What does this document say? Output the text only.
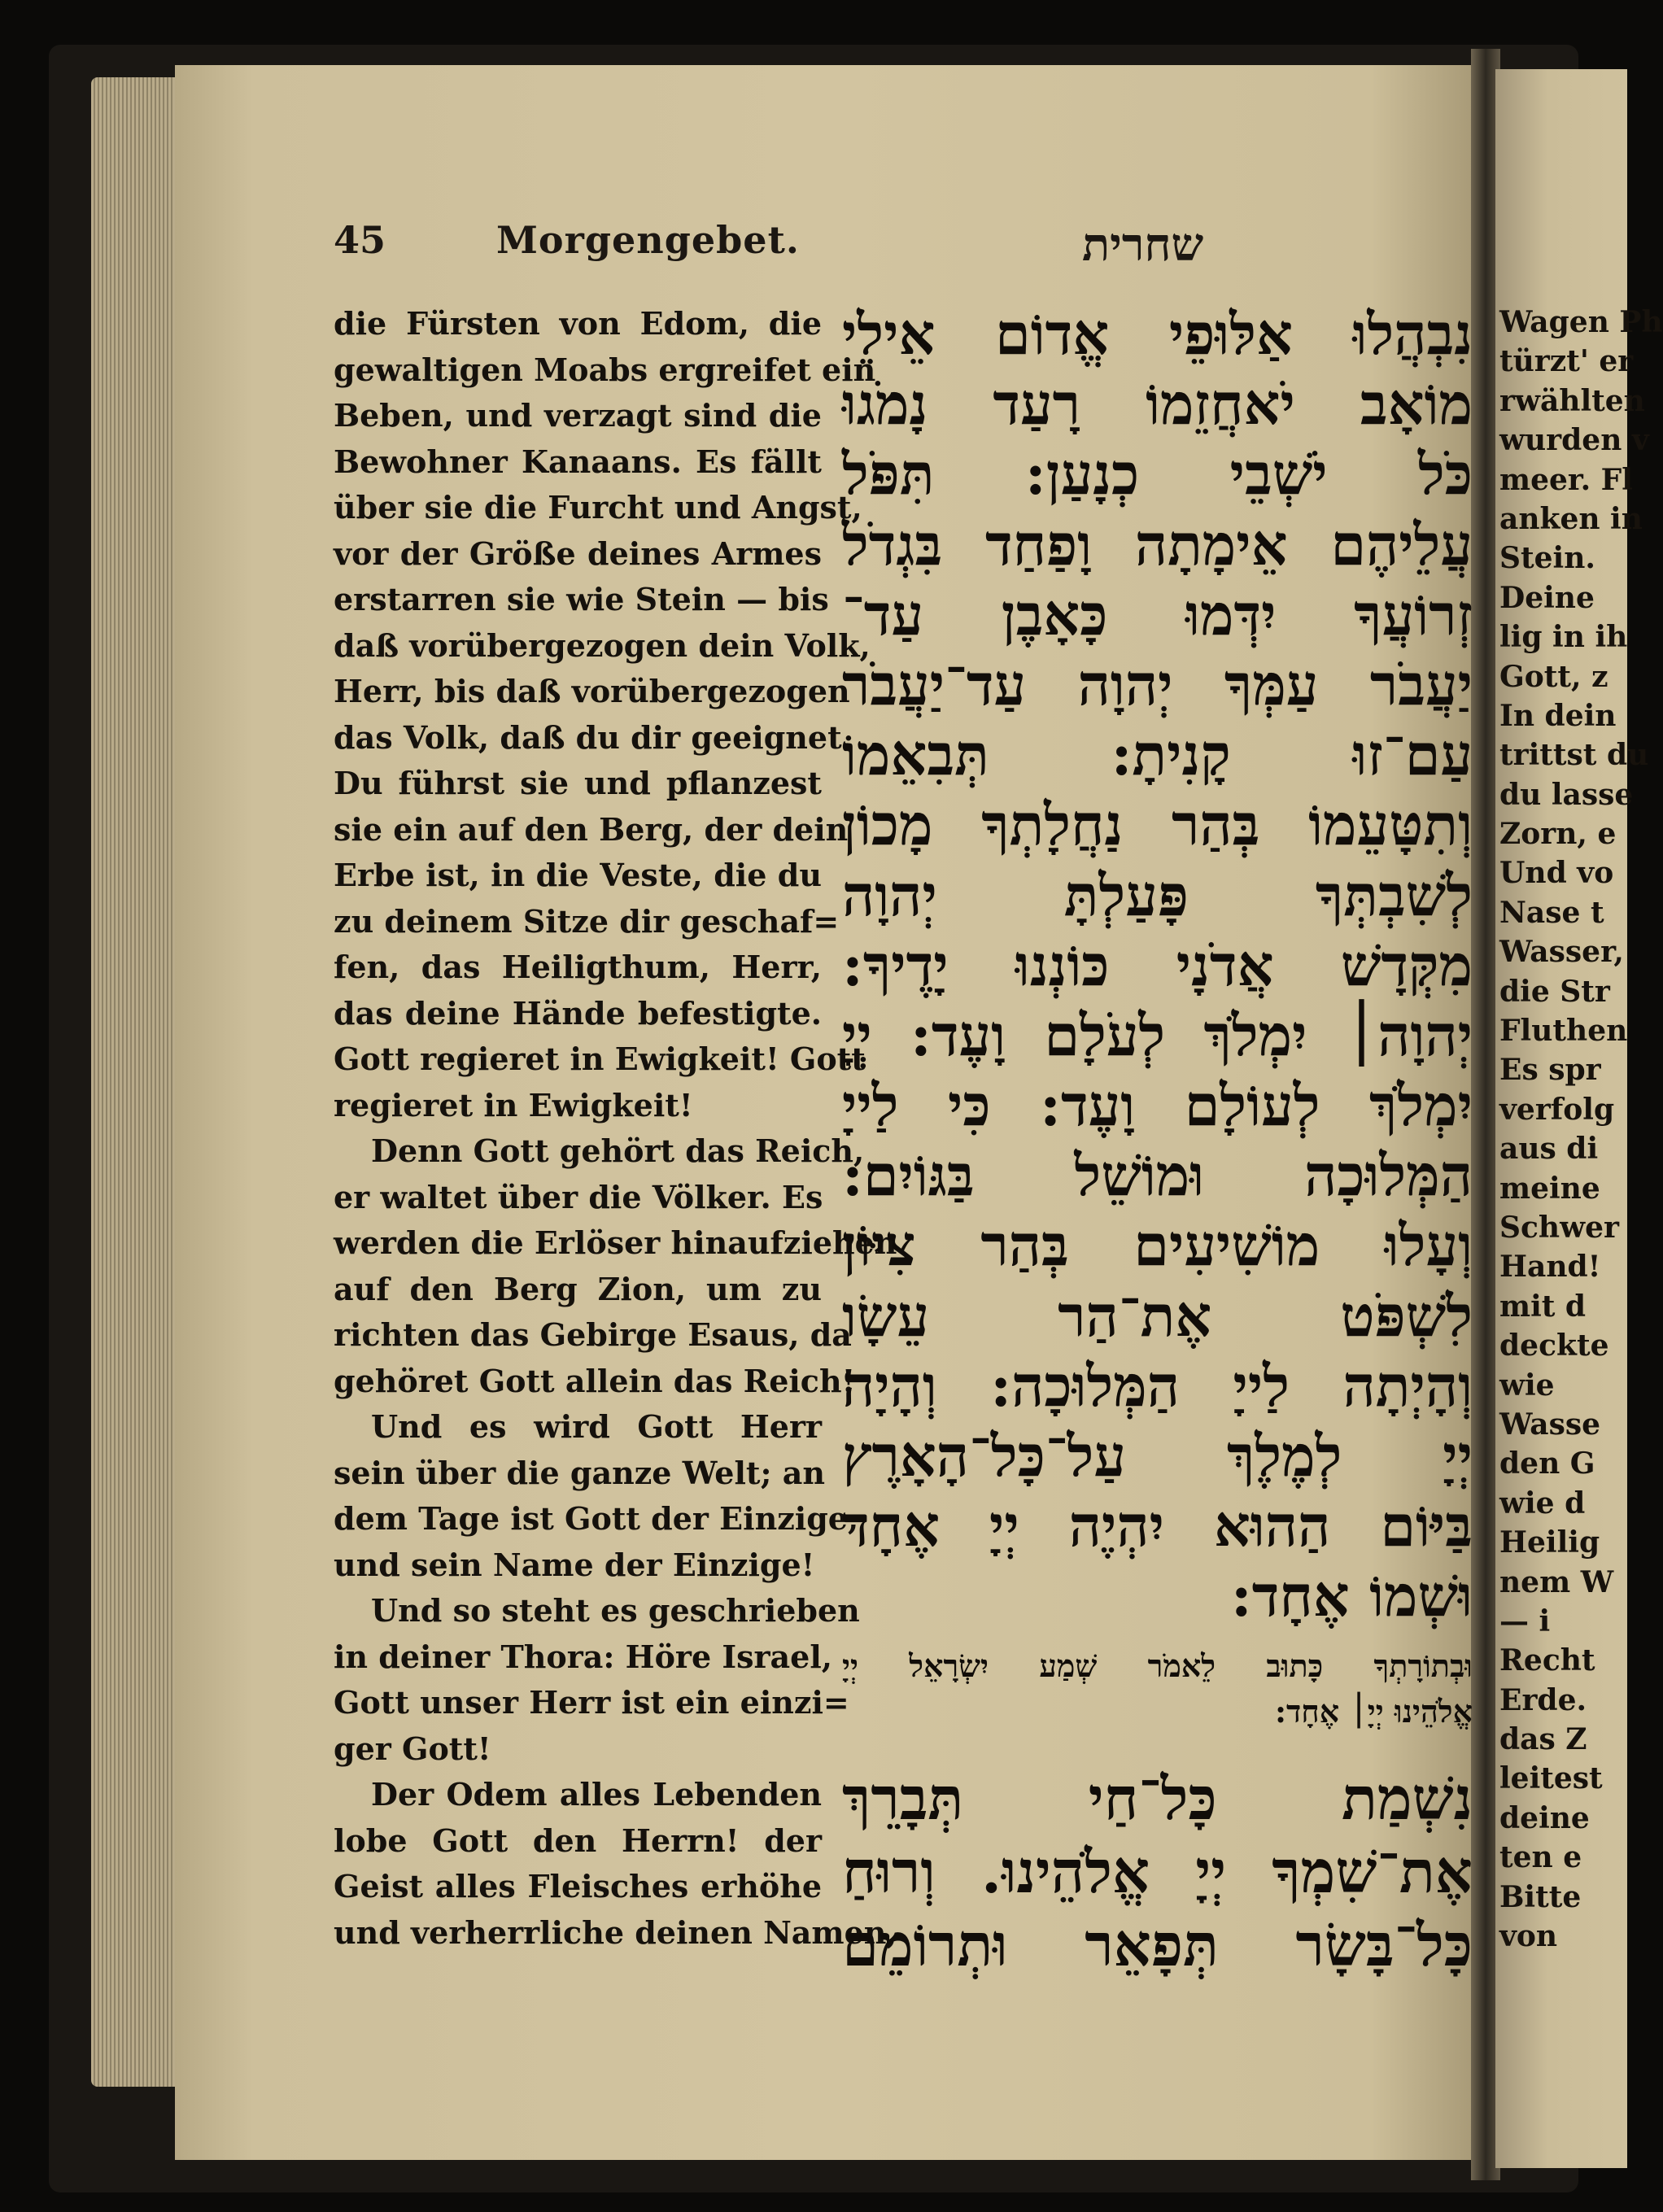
45	Morgengebet.	שחרית
die Fürsten von Edom, die
gewaltigen Moabs ergreifet ein
Beben, und verzagt sind die
Bewohner Kanaans. Es fällt
über sie die Furcht und Angst,
vor der Größe deines Armes
erstarren sie wie Stein — bis
daß vorübergezogen dein Volk,
Herr, bis daß vorübergezogen
das Volk, daß du dir geeignet.
Du führst sie und pflanzest
sie ein auf den Berg, der dein
Erbe ist, in die Veste, die du
zu deinem Sitze dir geschaf=
fen, das Heiligthum, Herr,
das deine Hände befestigte.
Gott regieret in Ewigkeit! Gott
regieret in Ewigkeit!
Denn Gott gehört das Reich,
er waltet über die Völker. Es
werden die Erlöser hinaufziehen
auf den Berg Zion, um zu
richten das Gebirge Esaus, da
gehöret Gott allein das Reich!
Und es wird Gott Herr
sein über die ganze Welt; an
dem Tage ist Gott der Einzige,
und sein Name der Einzige!
Und so steht es geschrieben
in deiner Thora: Höre Israel,
Gott unser Herr ist ein einzi=
ger Gott!
Der Odem alles Lebenden
lobe Gott den Herrn! der
Geist alles Fleisches erhöhe
und verherrliche deinen Namen,
נִבְהֲלוּ אַלּוּפֵי אֱדוֹם אֵילֵי
מוֹאָב יֹאחֲזֵמוֹ רָעַד נָמֹגוּ
כֹּל יֹשְׁבֵי כְנָעַן: תִּפֹּל
עֲלֵיהֶם אֵימָתָה וָפַחַד בִּגְדֹל
זְרוֹעֲךָ יִדְּמוּ כָּאָבֶן עַד־
יַעֲבֹר עַמְּךָ יְהוָה עַד־יַעֲבֹר
עַם־זוּ קָנִיתָ: תְּבִאֵמוֹ
וְתִטָּעֵמוֹ בְּהַר נַחֲלָתְךָ מָכוֹן
לְשִׁבְתְּךָ פָּעַלְתָּ יְהוָה
מִקְּדָשׁ אֲדֹנָי כּוֹנְנוּ יָדֶיךָ:
יְהוָה׀ יִמְלֹךְ לְעֹלָם וָעֶד: יְיָ
יִמְלֹךְ לְעוֹלָם וָעֶד: כִּי לַייָ
הַמְּלוּכָה וּמוֹשֵׁל בַּגּוֹיִם:
וְעָלוּ מוֹשִׁיעִים בְּהַר צִיּוֹן
לִשְׁפֹּט אֶת־הַר עֵשָׂו
וְהָיְתָה לַייָ הַמְּלוּכָה: וְהָיָה
יְיָ לְמֶלֶךְ עַל־כָּל־הָאָרֶץ
בַּיּוֹם הַהוּא יִהְיֶה יְיָ אֶחָד
וּשְׁמוֹ אֶחָד:
וּבְתוֹרָתְךָ כָּתוּב לֵאמֹר שְׁמַע יִשְׂרָאֵל יְיָ
אֱלֹהֵינוּ יְיָ׀ אֶחָד:
נִשְׁמַת כָּל־חַי תְּבָרֵךְ
אֶת־שִׁמְךָ יְיָ אֱלֹהֵינוּ. וְרוּחַ
כָּל־בָּשָׂר תְּפָאֵר וּתְרוֹמֵם
Wagen Ph
türzt' er
rwählten
wurden v
meer. Fl
anken in
Stein.
Deine
lig in ih
Gott, z
In dein
trittst du
du lasse
Zorn, e
Und vo
Nase t
Wasser,
die Str
Fluthen
Es spr
verfolg
aus di
meine
Schwer
Hand!
mit d
deckte
wie
Wasse
den G
wie d
Heilig
nem W
— i
Recht
Erde.
das Z
leitest
deine
ten e
Bitte
von
